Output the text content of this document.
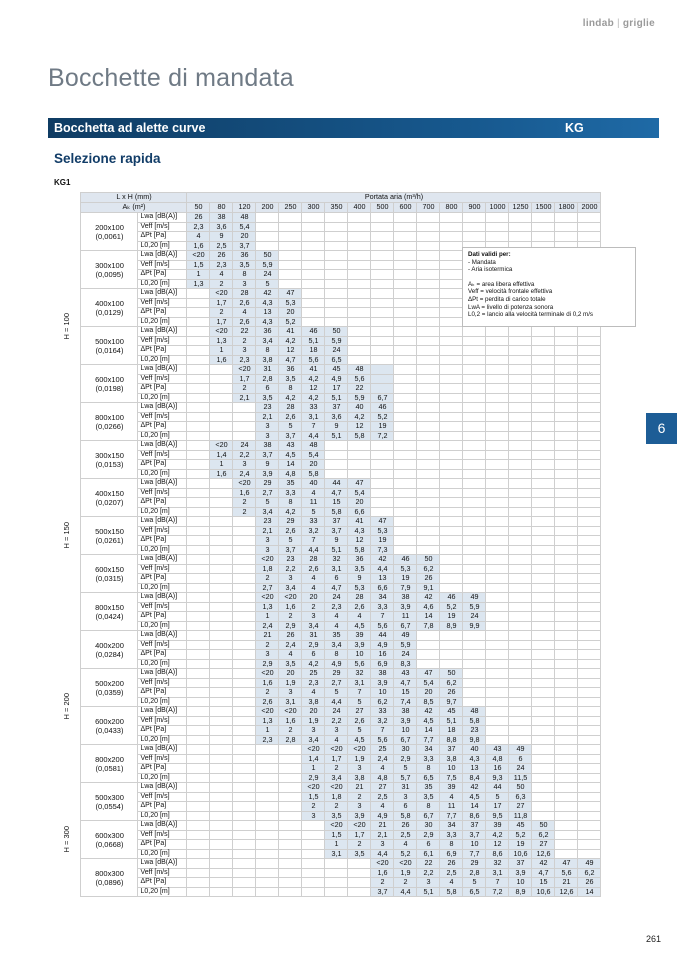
lindab | griglie
Bocchette di mandata
Bocchetta ad alette curve	KG
Selezione rapida
KG1
	L x H (mm)		Portata aria (m³/h)																	
	Aₖ (m²)		50	80	120	200	250	300	350	400	500	600	700	800	900	1000	1250	1500	1800	2000

H = 100	200x100
(0,0061)	Lwa [dB(A)]	26	38	48															
		Veff [m/s]	2,3	3,6	5,4															
		ΔPt [Pa]	4	9	20															
		L0,20 [m]	1,6	2,5	3,7															

	300x100
(0,0095)	Lwa [dB(A)]	<20	26	36	50														
		Veff [m/s]	1,5	2,3	3,5	5,9														
		ΔPt [Pa]	1	4	8	24														
		L0,20 [m]	1,3	2	3	5														

	400x100
(0,0129)	Lwa [dB(A)]		<20	28	42	47													
		Veff [m/s]		1,7	2,6	4,3	5,3													
		ΔPt [Pa]		2	4	13	20													
		L0,20 [m]		1,7	2,6	4,3	5,2													

	500x100
(0,0164)	Lwa [dB(A)]		<20	22	36	41	46	50											
		Veff [m/s]		1,3	2	3,4	4,2	5,1	5,9											
		ΔPt [Pa]		1	3	8	12	18	24											
		L0,20 [m]		1,6	2,3	3,8	4,7	5,6	6,5											

	600x100
(0,0198)	Lwa [dB(A)]			<20	31	36	41	45	48										
		Veff [m/s]			1,7	2,8	3,5	4,2	4,9	5,6										
		ΔPt [Pa]			2	6	8	12	17	22										
		L0,20 [m]			2,1	3,5	4,2	4,2	5,1	5,9	6,7									

	800x100
(0,0266)	Lwa [dB(A)]				23	28	33	37	40	46									
		Veff [m/s]				2,1	2,6	3,1	3,6	4,2	5,2									
		ΔPt [Pa]				3	5	7	9	12	19									
		L0,20 [m]				3	3,7	4,4	5,1	5,8	7,2									

H = 150	300x150
(0,0153)	Lwa [dB(A)]		<20	24	38	43	48												
		Veff [m/s]		1,4	2,2	3,7	4,5	5,4												
		ΔPt [Pa]		1	3	9	14	20												
		L0,20 [m]		1,6	2,4	3,9	4,8	5,8												

	400x150
(0,0207)	Lwa [dB(A)]			<20	29	35	40	44	47										
		Veff [m/s]			1,6	2,7	3,3	4	4,7	5,4										
		ΔPt [Pa]			2	5	8	11	15	20										
		L0,20 [m]			2	3,4	4,2	5	5,8	6,6										

	500x150
(0,0261)	Lwa [dB(A)]				23	29	33	37	41	47									
		Veff [m/s]				2,1	2,6	3,2	3,7	4,3	5,3									
		ΔPt [Pa]				3	5	7	9	12	19									
		L0,20 [m]				3	3,7	4,4	5,1	5,8	7,3									

	600x150
(0,0315)	Lwa [dB(A)]				<20	23	28	32	36	42	46	50							
		Veff [m/s]				1,8	2,2	2,6	3,1	3,5	4,4	5,3	6,2							
		ΔPt [Pa]				2	3	4	6	9	13	19	26							
		L0,20 [m]				2,7	3,4	4	4,7	5,3	6,6	7,9	9,1							

	800x150
(0,0424)	Lwa [dB(A)]				<20	<20	20	24	28	34	38	42	46	49					
		Veff [m/s]				1,3	1,6	2	2,3	2,6	3,3	3,9	4,6	5,2	5,9					
		ΔPt [Pa]				1	2	3	4	4	7	11	14	19	24					
		L0,20 [m]				2,4	2,9	3,4	4	4,5	5,6	6,7	7,8	8,9	9,9					

H = 200	400x200
(0,0284)	Lwa [dB(A)]				21	26	31	35	39	44	49								
		Veff [m/s]				2	2,4	2,9	3,4	3,9	4,9	5,9								
		ΔPt [Pa]				3	4	6	8	10	16	24								
		L0,20 [m]				2,9	3,5	4,2	4,9	5,6	6,9	8,3								

	500x200
(0,0359)	Lwa [dB(A)]				<20	20	25	29	32	38	43	47	50						
		Veff [m/s]				1,6	1,9	2,3	2,7	3,1	3,9	4,7	5,4	6,2						
		ΔPt [Pa]				2	3	4	5	7	10	15	20	26						
		L0,20 [m]				2,6	3,1	3,8	4,4	5	6,2	7,4	8,5	9,7						

	600x200
(0,0433)	Lwa [dB(A)]				<20	<20	20	24	27	33	38	42	45	48					
		Veff [m/s]				1,3	1,6	1,9	2,2	2,6	3,2	3,9	4,5	5,1	5,8					
		ΔPt [Pa]				1	2	3	3	5	7	10	14	18	23					
		L0,20 [m]				2,3	2,8	3,4	4	4,5	5,6	6,7	7,7	8,8	9,8					

	800x200
(0,0581)	Lwa [dB(A)]						<20	<20	<20	25	30	34	37	40	43	49			
		Veff [m/s]						1,4	1,7	1,9	2,4	2,9	3,3	3,8	4,3	4,8	6			
		ΔPt [Pa]						1	2	3	4	5	8	10	13	16	24			
		L0,20 [m]						2,9	3,4	3,8	4,8	5,7	6,5	7,5	8,4	9,3	11,5			

H = 300	500x300
(0,0554)	Lwa [dB(A)]						<20	<20	21	27	31	35	39	42	44	50			
		Veff [m/s]						1,5	1,8	2	2,5	3	3,5	4	4,5	5	6,3			
		ΔPt [Pa]						2	2	3	4	6	8	11	14	17	27			
		L0,20 [m]						3	3,5	3,9	4,9	5,8	6,7	7,7	8,6	9,5	11,8			

	600x300
(0,0668)	Lwa [dB(A)]							<20	<20	21	26	30	34	37	39	45	50		
		Veff [m/s]							1,5	1,7	2,1	2,5	2,9	3,3	3,7	4,2	5,2	6,2		
		ΔPt [Pa]							1	2	3	4	6	8	10	12	19	27		
		L0,20 [m]							3,1	3,5	4,4	5,2	6,1	6,9	7,7	8,6	10,6	12,6		

	800x300
(0,0896)	Lwa [dB(A)]									<20	<20	22	26	29	32	37	42	47	49
		Veff [m/s]									1,6	1,9	2,2	2,5	2,8	3,1	3,9	4,7	5,6	6,2
		ΔPt [Pa]									2	2	3	4	5	7	10	15	21	26
		L0,20 [m]									3,7	4,4	5,1	5,8	6,5	7,2	8,9	10,6	12,6	14
Dati validi per:
- Mandata
- Aria isotermica
Aₖ = area libera effettiva
Veff = velocità frontale effettiva
ΔPt = perdita di carico totale
LwA = livello di potenza sonora
L0,2 = lancio alla velocità terminale di 0,2 m/s
6
261
